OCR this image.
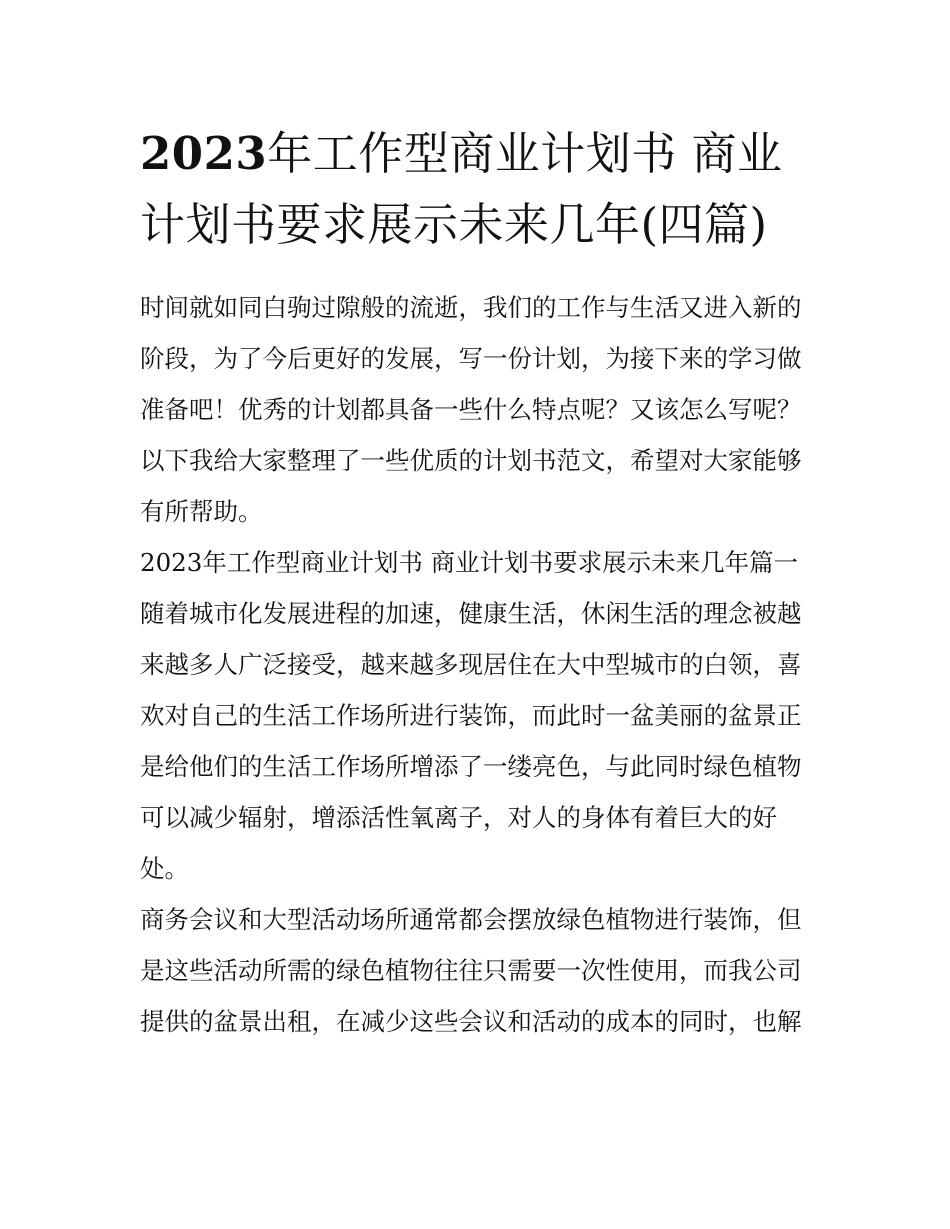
2023年工作型商业计划书 商业计划书要求展示未来几年(四篇)

时间就如同白驹过隙般的流逝，我们的工作与生活又进入新的阶段，为了今后更好的发展，写一份计划，为接下来的学习做准备吧！优秀的计划都具备一些什么特点呢？又该怎么写呢？以下我给大家整理了一些优质的计划书范文，希望对大家能够有所帮助。

2023年工作型商业计划书 商业计划书要求展示未来几年篇一

随着城市化发展进程的加速，健康生活，休闲生活的理念被越来越多人广泛接受，越来越多现居住在大中型城市的白领，喜欢对自己的生活工作场所进行装饰，而此时一盆美丽的盆景正是给他们的生活工作场所增添了一缕亮色，与此同时绿色植物可以减少辐射，增添活性氧离子，对人的身体有着巨大的好处。

商务会议和大型活动场所通常都会摆放绿色植物进行装饰，但是这些活动所需的绿色植物往往只需要一次性使用，而我公司提供的盆景出租，在减少这些会议和活动的成本的同时，也解
